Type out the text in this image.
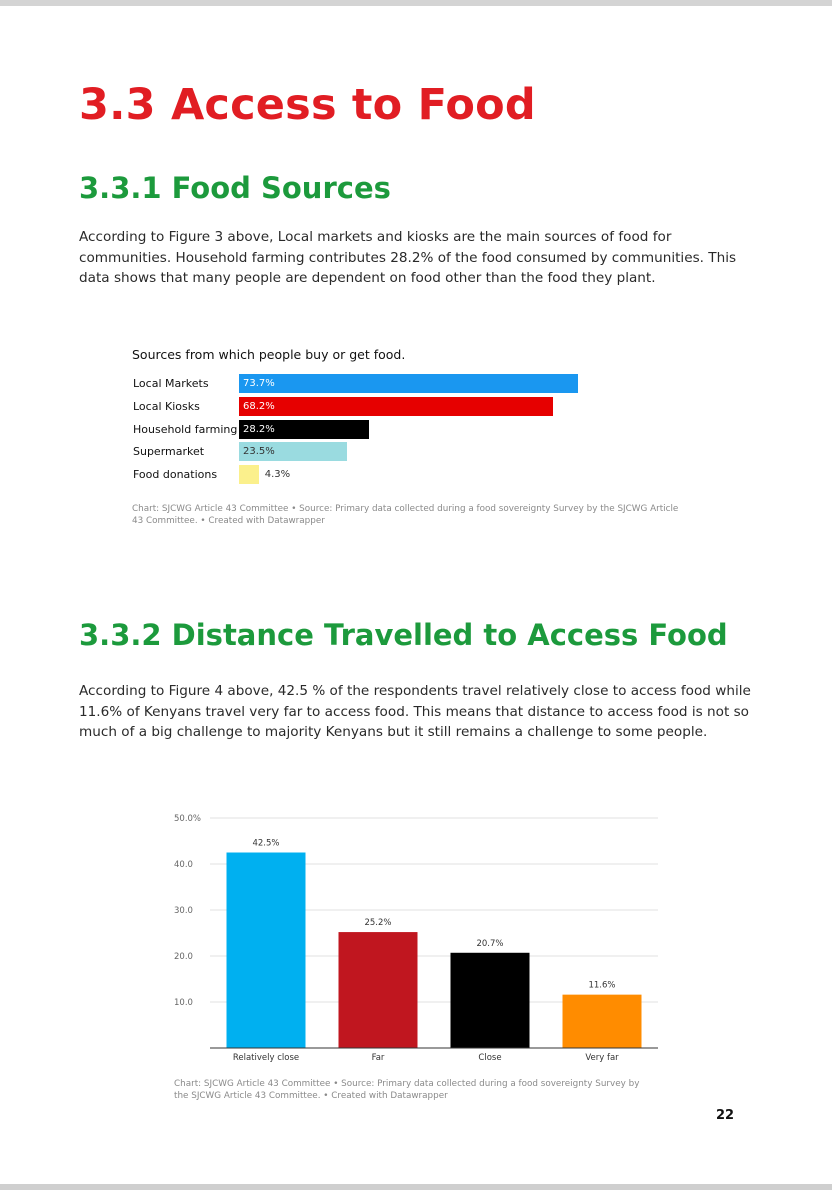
3.3 Access to Food
3.3.1 Food Sources

According to Figure 3 above, Local markets and kiosks are the main sources of food for communities. Household farming contributes 28.2% of the food consumed by communities. This data shows that many people are dependent on food other than the food they plant.

Sources from which people buy or get food.
Local Markets	73.7%
Local Kiosks	68.2%
Household farming 28.2%
Supermarket	23.5%
Food donations	4.3%
Chart: SJCWG Article 43 Committee • Source: Primary data collected during a food sovereignty Survey by the SJCWG Article 43 Committee. • Created with Datawrapper
3.3.2 Distance Travelled to Access Food

According to Figure 4 above, 42.5 % of the respondents travel relatively close to access food while 11.6% of Kenyans travel very far to access food. This means that distance to access food is not so much of a big challenge to majority Kenyans but it still remains a challenge to some people.

10.0
20.0
30.0
40.0
50.0%
42.5%
Relatively close
25.2%
Far
20.7%
Close
11.6%
Very far
Chart: SJCWG Article 43 Committee • Source: Primary data collected during a food sovereignty Survey by the SJCWG Article 43 Committee. • Created with Datawrapper
22
